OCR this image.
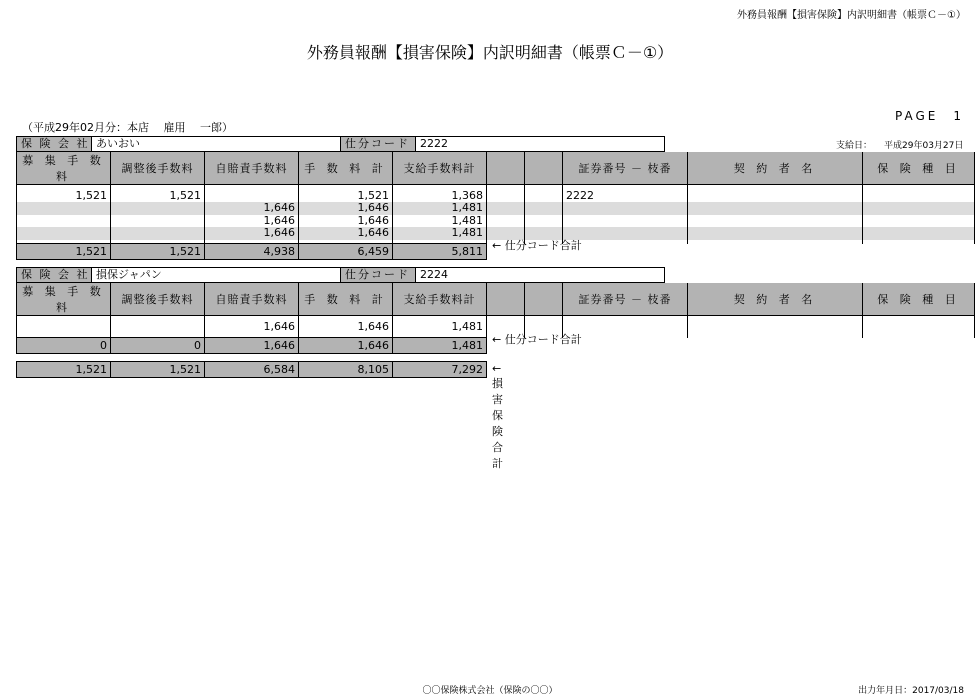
外務員報酬【損害保険】内訳明細書（帳票Ｃ－①）
外務員報酬【損害保険】内訳明細書（帳票Ｃ－①）
PAGE　1
（平成29年02月分：本店　 雇用　 一郎）
支給日： 平成29年03月27日
保 険 会 社 あいおい	仕分コード 2222
募 集 手 数 料	調整後手数料	自賠責手数料	手 数 料 計	支給手数料計			証券番号 － 枝番	契 約 者 名	保 険 種 目

1,521	1,521		1,521	1,368			2222		
		1,646	1,646	1,481					
		1,646	1,646	1,481					
		1,646	1,646	1,481					

1,521	1,521	4,938	6,459	5,811 ← 仕分コード合計
保 険 会 社 損保ジャパン	仕分コード 2224
募 集 手 数 料	調整後手数料	自賠責手数料	手 数 料 計	支給手数料計			証券番号 － 枝番	契 約 者 名	保 険 種 目

		1,646	1,646	1,481					

0	0	1,646	1,646	1,481 ← 仕分コード合計
1,521	1,521	6,584	8,105	7,292 ← 損害保険合計
〇〇保険株式会社（保険の〇〇）	出力年月日：2017/03/18
